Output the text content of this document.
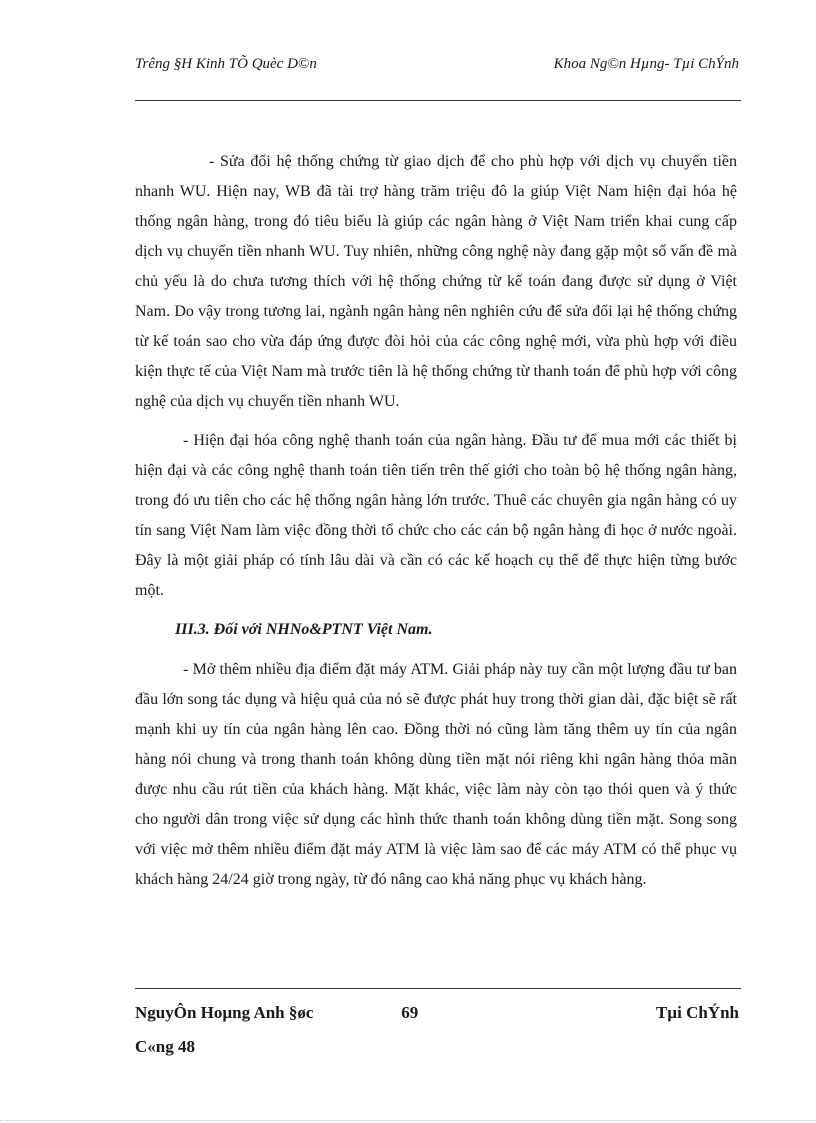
Trêng §H Kinh TÕ Quèc D©n	Khoa Ng©n Hµng- Tµi ChÝnh

- Sửa đổi hệ thống chứng từ giao dịch để cho phù hợp với dịch vụ chuyển tiền nhanh WU. Hiện nay, WB đã tài trợ hàng trăm triệu đô la giúp Việt Nam hiện đại hóa hệ thống ngân hàng, trong đó tiêu biểu là giúp các ngân hàng ở Việt Nam triển khai cung cấp dịch vụ chuyển tiền nhanh WU. Tuy nhiên, những công nghệ này đang gặp một số vấn đề mà chủ yếu là do chưa tương thích với hệ thống chứng từ kế toán đang được sử dụng ở Việt Nam. Do vậy trong tương lai, ngành ngân hàng nên nghiên cứu để sửa đổi lại hệ thống chứng từ kế toán sao cho vừa đáp ứng được đòi hỏi của các công nghệ mới, vừa phù hợp với điều kiện thực tế của Việt Nam mà trước tiên là hệ thống chứng từ thanh toán để phù hợp với công nghệ của dịch vụ chuyển tiền nhanh WU.

- Hiện đại hóa công nghệ thanh toán của ngân hàng. Đầu tư để mua mới các thiết bị hiện đại và các công nghệ thanh toán tiên tiến trên thế giới cho toàn bộ hệ thống ngân hàng, trong đó ưu tiên cho các hệ thống ngân hàng lớn trước. Thuê các chuyên gia ngân hàng có uy tín sang Việt Nam làm việc đồng thời tổ chức cho các cán bộ ngân hàng đi học ở nước ngoài. Đây là một giải pháp có tính lâu dài và cần có các kế hoạch cụ thể để thực hiện từng bước một.

III.3. Đối với NHNo&PTNT Việt Nam.

- Mở thêm nhiều địa điểm đặt máy ATM. Giải pháp này tuy cần một lượng đầu tư ban đầu lớn song tác dụng và hiệu quả của nó sẽ được phát huy trong thời gian dài, đặc biệt sẽ rất mạnh khi uy tín của ngân hàng lên cao. Đồng thời nó cũng làm tăng thêm uy tín của ngân hàng nói chung và trong thanh toán không dùng tiền mặt nói riêng khi ngân hàng thỏa mãn được nhu cầu rút tiền của khách hàng. Mặt khác, việc làm này còn tạo thói quen và ý thức cho người dân trong việc sử dụng các hình thức thanh toán không dùng tiền mặt. Song song với việc mở thêm nhiều điểm đặt máy ATM là việc làm sao để các máy ATM có thể phục vụ khách hàng 24/24 giờ trong ngày, từ đó nâng cao khả năng phục vụ khách hàng.

NguyÔn Hoµng Anh §øc	69	Tµi ChÝnh
C«ng 48
